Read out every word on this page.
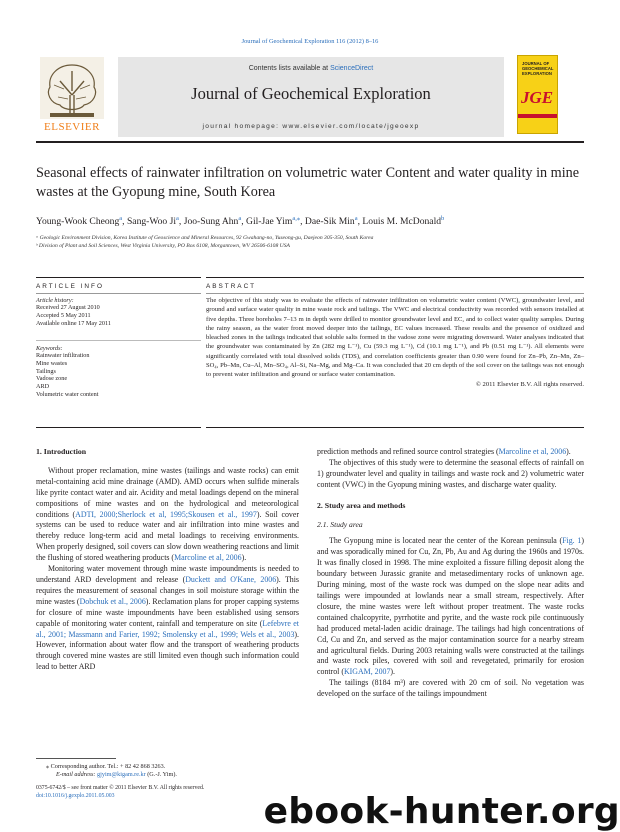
Journal of Geochemical Exploration 116 (2012) 8–16
Contents lists available at ScienceDirect
Journal of Geochemical Exploration
journal homepage: www.elsevier.com/locate/jgeoexp
ELSEVIER
JOURNAL OF
GEOCHEMICAL
EXPLORATION
JGE
Seasonal effects of rainwater infiltration on volumetric water Content and water quality in mine wastes at the Gyopung mine, South Korea
Young-Wook Cheong$^a$, Sang-Woo Ji$^a$, Joo-Sung Ahn$^a$, Gil-Jae Yim$^{a,⁎}$, Dae-Sik Min$^a$, Louis M. McDonald$^b$
ᵃ Geologic Environment Division, Korea Institute of Geoscience and Mineral Resources, 92 Gwahang-no, Yuseong-gu, Daejeon 305-350, South Korea
ᵇ Division of Plant and Soil Sciences, West Virginia University, PO Box 6108, Morgantown, WV 26506-6108 USA
ARTICLE INFO	ABSTRACT
Article history:
Received 27 August 2010
Accepted 5 May 2011
Available online 17 May 2011
Keywords:
Rainwater infiltration
Mine wastes
Tailings
Vadose zone
ARD
Volumetric water content
The objective of this study was to evaluate the effects of rainwater infiltration on volumetric water content (VWC), groundwater level, and ground and surface water quality in mine waste rock and tailings. The VWC and electrical conductivity was recorded with sensors installed at five depths. Three boreholes 7–13 m in depth were drilled to monitor groundwater level and EC, and to collect water quality samples. During the rainy season, as the water front moved deeper into the tailings, EC values increased. These results and the presence of oxidized and bleached zones in the tailings indicated that soluble salts formed in the vadose zone were migrating downward. Water analyses indicated that the groundwater was contaminated by Zn (282 mg L⁻¹), Cu (59.3 mg L⁻¹), Cd (10.1 mg L⁻¹), and Pb (0.51 mg L⁻¹). All elements were significantly correlated with total dissolved solids (TDS), and correlation coefficients greater than 0.90 were found for Zn–Pb, Zn–Mn, Zn–SO₄, Pb–Mn, Cu–Al, Mn–SO₄, Al–Si, Na–Mg, and Mg–Ca. It was concluded that 20 cm depth of the soil cover on the tailings was not enough to prevent water infiltration and ground or surface water contamination.
© 2011 Elsevier B.V. All rights reserved.
1. Introduction

Without proper reclamation, mine wastes (tailings and waste rocks) can emit metal-containing acid mine drainage (AMD). AMD occurs when sulfide minerals like pyrite contact water and air. Acidity and metal loadings depend on the mineral compositions of mine wastes and on the hydrological and meteorological conditions (ADTI, 2000;Sherlock et al, 1995;Skousen et al., 1997). Soil cover systems can be used to reduce water and air infiltration into mine wastes and thereby reduce long-term acid and metal loadings to receiving environments. When properly designed, soil covers can slow down weathering reactions and limit the flushing of stored weathering products (Marcoline et al, 2006).

Monitoring water movement through mine waste impoundments is needed to understand ARD development and release (Duckett and O'Kane, 2006). This requires the measurement of seasonal changes in soil moisture storage within the mine wastes (Dobchuk et al., 2006). Reclamation plans for proper capping systems for closure of mine waste impoundments have been established using sensors capable of monitoring water content, rainfall and temperature on site (Lefebvre et al., 2001; Massmann and Farier, 1992; Smolensky et al., 1999; Wels et al., 2003). However, information about water flow and the transport of weathering products through covered mine wastes are still limited even though such information could lead to better ARD

⁎ Corresponding author. Tel.: + 82 42 868 3263.
E-mail address: gjyim@kigam.re.kr (G.-J. Yim).
0375-6742/$ – see front matter © 2011 Elsevier B.V. All rights reserved.
doi:10.1016/j.gexplo.2011.05.003

prediction methods and refined source control strategies (Marcoline et al, 2006).

The objectives of this study were to determine the seasonal effects of rainfall on 1) groundwater level and quality in tailings and waste rock and 2) volumetric water content (VWC) in the Gyopung mining wastes, and discharge water quality.

2. Study area and methods
2.1. Study area

The Gyopung mine is located near the center of the Korean peninsula (Fig. 1) and was sporadically mined for Cu, Zn, Pb, Au and Ag during the 1960s and 1970s. It was finally closed in 1998. The mine exploited a fissure filling deposit along the boundary between Jurassic granite and metasedimentary rocks of unknown age. During mining, most of the waste rock was dumped on the slope near adits and tailings were impounded at lowlands near a small stream, respectively. After closure, the mine wastes were left without proper treatment. The waste rocks contained chalcopyrite, pyrrhotite and pyrite, and the waste rock pile continuously had produced metal-laden acidic drainage. The tailings had high concentrations of Cd, Cu and Zn, and served as the major contamination source for a nearby stream and agricultural fields. During 2003 retaining walls were constructed at the tailings and waste rock piles, covered with soil and revegetated, primarily for erosion control (KIGAM, 2007).

The tailings (8184 m³) are covered with 20 cm of soil. No vegetation was developed on the surface of the tailings impoundment

ebook-hunter.org
